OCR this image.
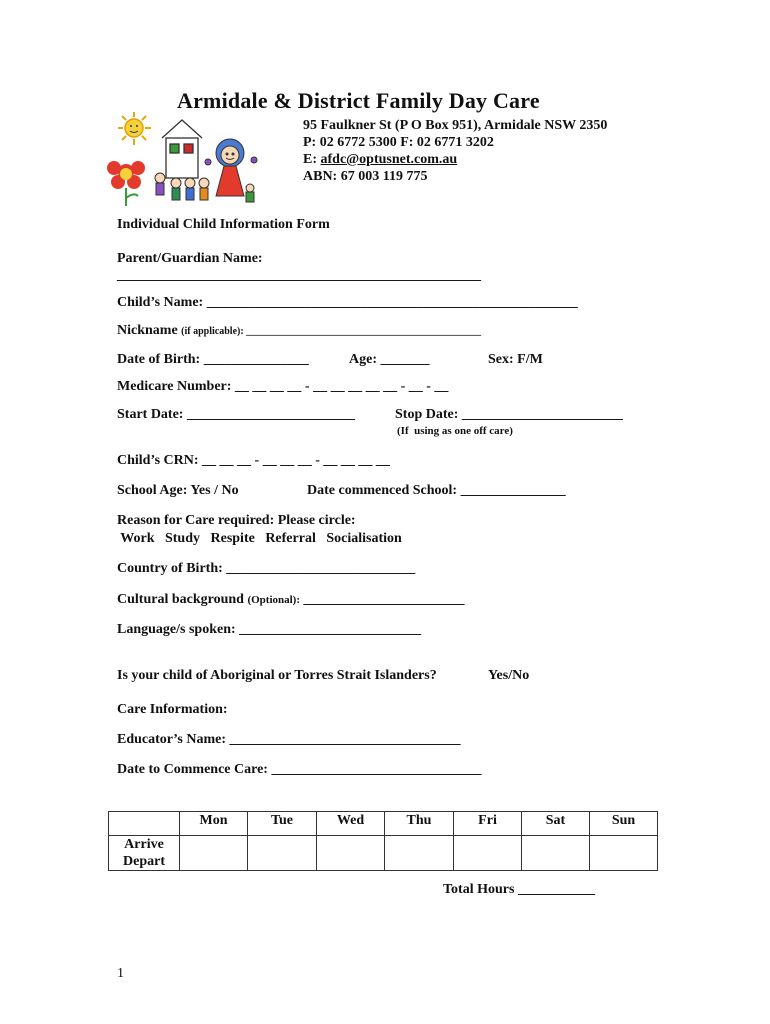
Armidale & District Family Day Care
95 Faulkner St (P O Box 951), Armidale NSW 2350
P: 02 6772 5300 F: 02 6771 3202
E: afdc@optusnet.com.au
ABN: 67 003 119 775
Individual Child Information Form
Parent/Guardian Name:
____________________________________________________
Child’s Name: _____________________________________________________
Nickname (if applicable): _______________________________________________
Date of Birth: _______________	Age: _______	Sex: F/M
Medicare Number: __ __ __ __ - __ __ __ __ __ - __ - __
Start Date: ________________________	Stop Date: _______________________
(If  using as one off care)
Child’s CRN: __ __ __ - __ __ __ - __ __ __ __
School Age: Yes / No	Date commenced School: _______________
Reason for Care required: Please circle:
Work   Study   Respite   Referral   Socialisation
Country of Birth: ___________________________
Cultural background (Optional): _______________________
Language/s spoken: __________________________
Is your child of Aboriginal or Torres Strait Islanders?	Yes/No
Care Information:
Educator’s Name: _________________________________
Date to Commence Care: ______________________________
	Mon	Tue	Wed	Thu	Fri	Sat	Sun
Arrive
Depart							
Total Hours ___________
1
